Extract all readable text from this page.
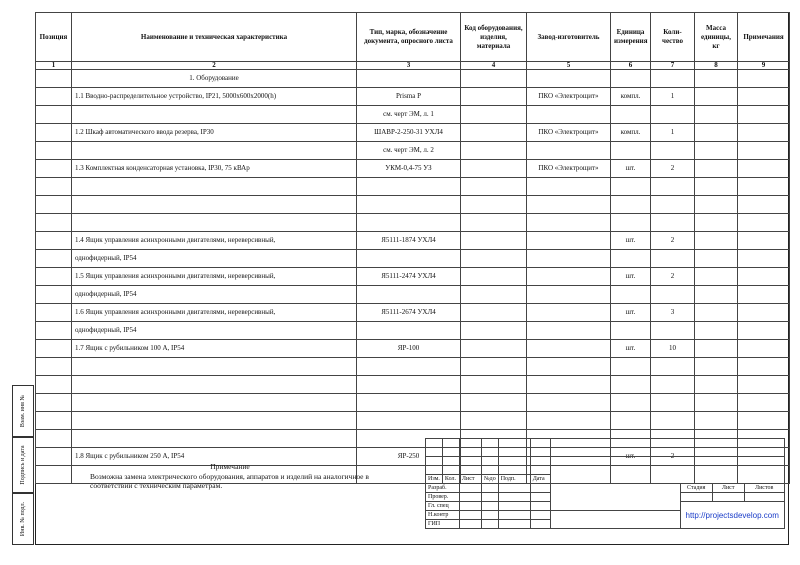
Позиция	Наименование и техническая характеристика	Тип, марка, обозначение документа, опросного листа	Код оборудования, изделия, материала	Завод-изготовитель	Единица измерения	Коли-чество	Масса единицы, кг	Примечания
1	2	3	4	5	6	7	8	9
	1. Оборудование							
	1.1 Вводно-распределительное устройство, IP21, 5000х600х2000(h)	Prisma P		ПКО «Электрощит»	компл.	1		
		см. черт ЭМ, л. 1						
	1.2 Шкаф автоматического ввода резерва, IP30	ШАВР-2-250-31 УХЛ4		ПКО «Электрощит»	компл.	1		
		см. черт ЭМ, л. 2						
	1.3 Комплектная конденсаторная установка, IP30, 75 кВАр	УКМ-0,4-75 УЗ		ПКО «Электрощит»	шт.	2		

	1.4 Ящик управления асинхронными двигателями, нереверсивный,	Я5111-1874 УХЛ4			шт.	2		
	однофидерный, IP54							
	1.5 Ящик управления асинхронными двигателями, нереверсивный,	Я5111-2474 УХЛ4			шт.	2		
	однофидерный, IP54							
	1.6 Ящик управления асинхронными двигателями, нереверсивный,	Я5111-2674 УХЛ4			шт.	3		
	однофидерный, IP54							
	1.7 Ящик с рубильником 100 А, IP54	ЯР-100			шт.	10		

	1.8 Ящик с рубильником 250 А, IP54	ЯР-250			шт.	2		

Взам. инв №
Подпись и дата
Инв. № подл.
Примечание
Возможна замена электрического оборудования, аппаратов и изделий на аналогичное в соответствии с техническим параметрам.

Изм.	Кол.	Лист	№до	Подп.	Дата				
Разраб.							Стадия	Лист	Листов
Провер.									
Гл. спец							http://projectsdevelop.com		
Н.контр									
ГИП									
